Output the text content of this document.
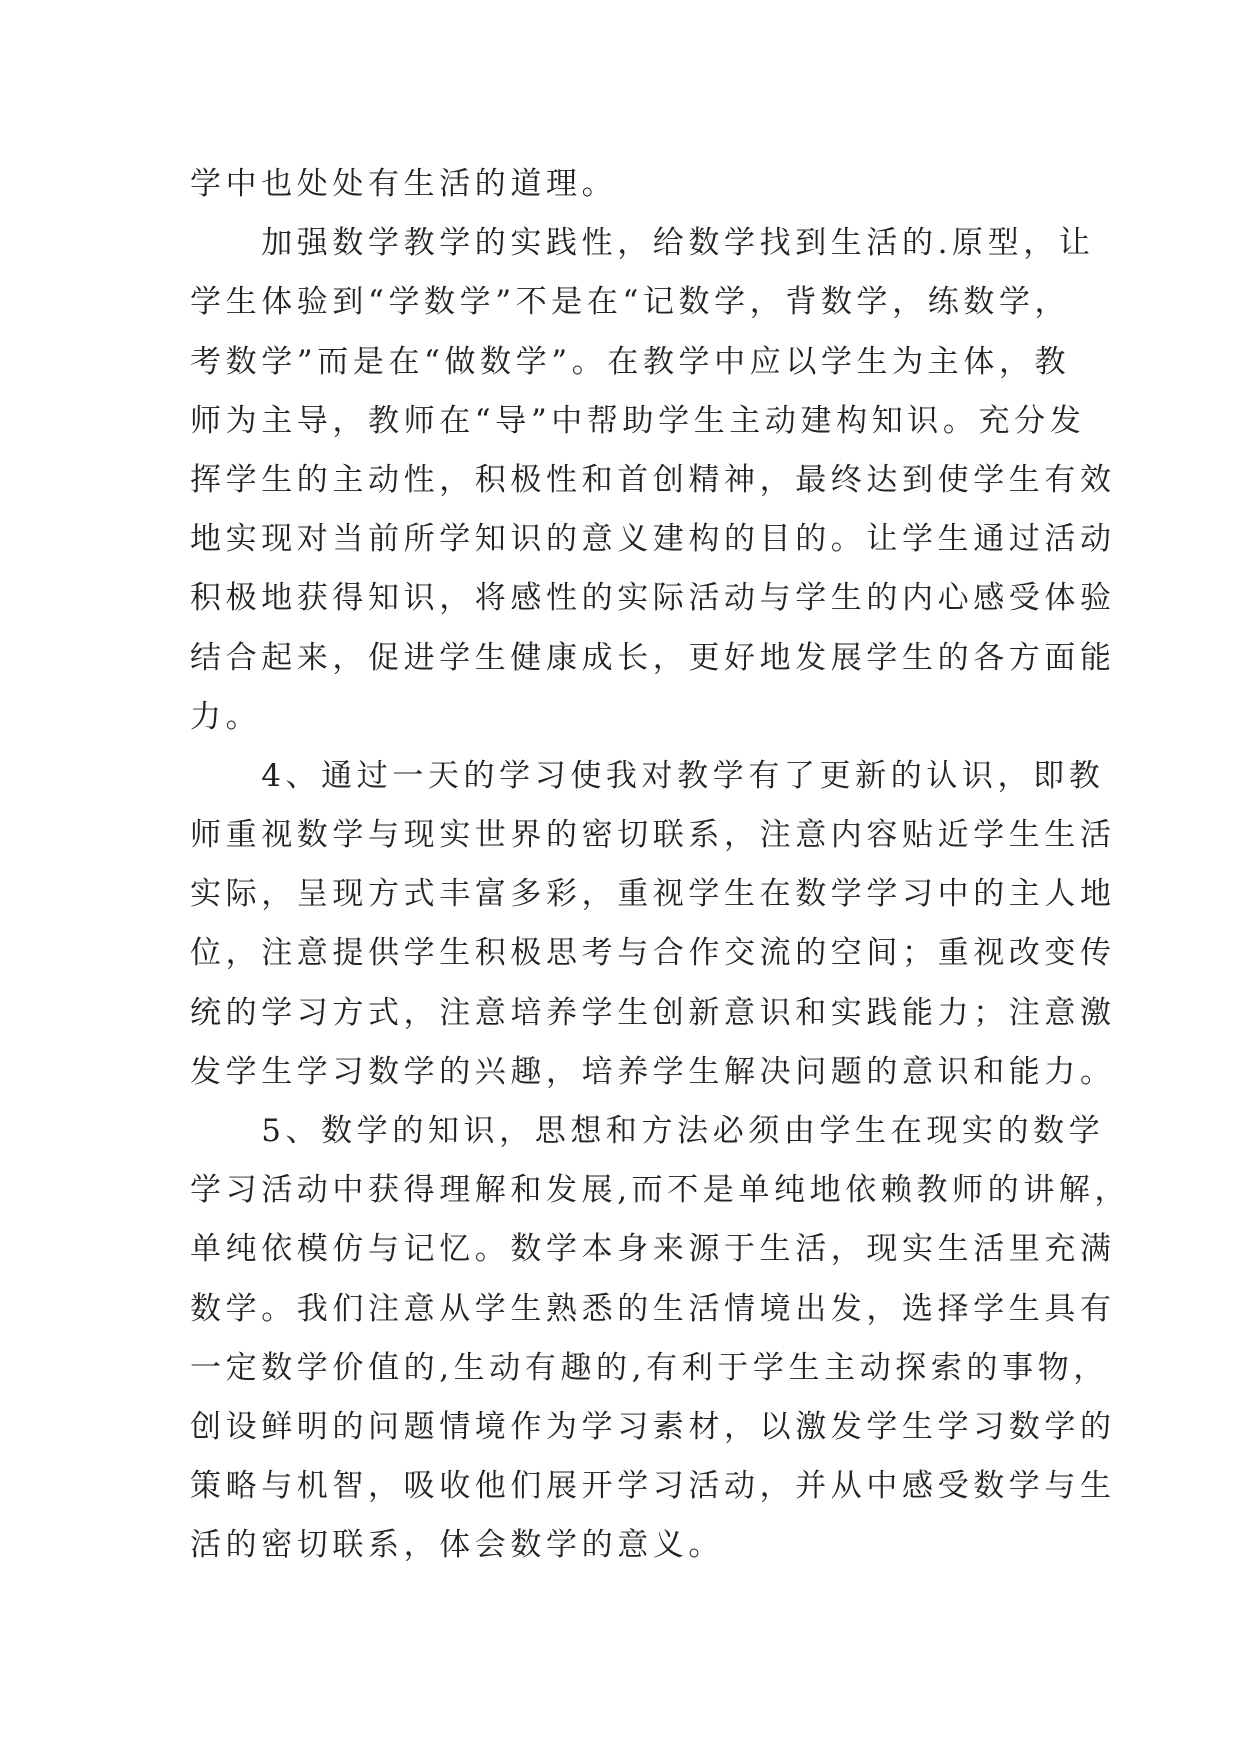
学中也处处有生活的道理。
　　加强数学教学的实践性，给数学找到生活的.原型，让
学生体验到“学数学”不是在“记数学，背数学，练数学，
考数学”而是在“做数学”。在教学中应以学生为主体，教
师为主导，教师在“导”中帮助学生主动建构知识。充分发
挥学生的主动性，积极性和首创精神，最终达到使学生有效
地实现对当前所学知识的意义建构的目的。让学生通过活动
积极地获得知识，将感性的实际活动与学生的内心感受体验
结合起来，促进学生健康成长，更好地发展学生的各方面能
力。
　　4、通过一天的学习使我对教学有了更新的认识，即教
师重视数学与现实世界的密切联系，注意内容贴近学生生活
实际，呈现方式丰富多彩，重视学生在数学学习中的主人地
位，注意提供学生积极思考与合作交流的空间；重视改变传
统的学习方式，注意培养学生创新意识和实践能力；注意激
发学生学习数学的兴趣，培养学生解决问题的意识和能力。
　　5、数学的知识，思想和方法必须由学生在现实的数学
学习活动中获得理解和发展,而不是单纯地依赖教师的讲解，
单纯依模仿与记忆。数学本身来源于生活，现实生活里充满
数学。我们注意从学生熟悉的生活情境出发，选择学生具有
一定数学价值的,生动有趣的,有利于学生主动探索的事物，
创设鲜明的问题情境作为学习素材，以激发学生学习数学的
策略与机智，吸收他们展开学习活动，并从中感受数学与生
活的密切联系，体会数学的意义。
